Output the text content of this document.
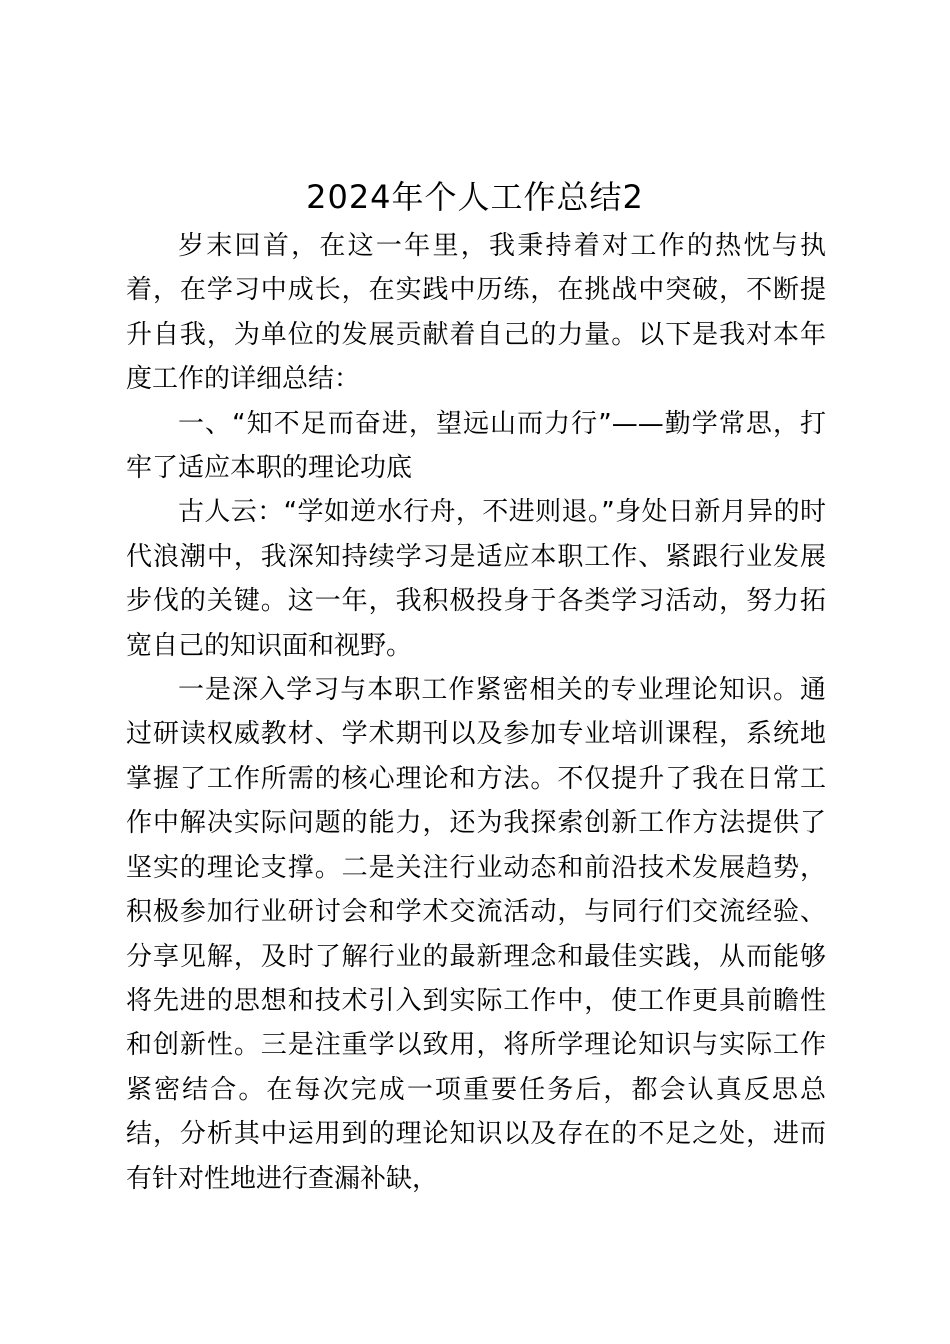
2024年个人工作总结2

岁末回首，在这一年里，我秉持着对工作的热忱与执着，在学习中成长，在实践中历练，在挑战中突破，不断提升自我，为单位的发展贡献着自己的力量。以下是我对本年度工作的详细总结：

一、“知不足而奋进，望远山而力行”——勤学常思，打牢了适应本职的理论功底

古人云：“学如逆水行舟，不进则退。”身处日新月异的时代浪潮中，我深知持续学习是适应本职工作、紧跟行业发展步伐的关键。这一年，我积极投身于各类学习活动，努力拓宽自己的知识面和视野。

一是深入学习与本职工作紧密相关的专业理论知识。通过研读权威教材、学术期刊以及参加专业培训课程，系统地掌握了工作所需的核心理论和方法。不仅提升了我在日常工作中解决实际问题的能力，还为我探索创新工作方法提供了坚实的理论支撑。二是关注行业动态和前沿技术发展趋势，积极参加行业研讨会和学术交流活动，与同行们交流经验、分享见解，及时了解行业的最新理念和最佳实践，从而能够将先进的思想和技术引入到实际工作中，使工作更具前瞻性和创新性。三是注重学以致用，将所学理论知识与实际工作紧密结合。在每次完成一项重要任务后，都会认真反思总结，分析其中运用到的理论知识以及存在的不足之处，进而有针对性地进行查漏补缺，
